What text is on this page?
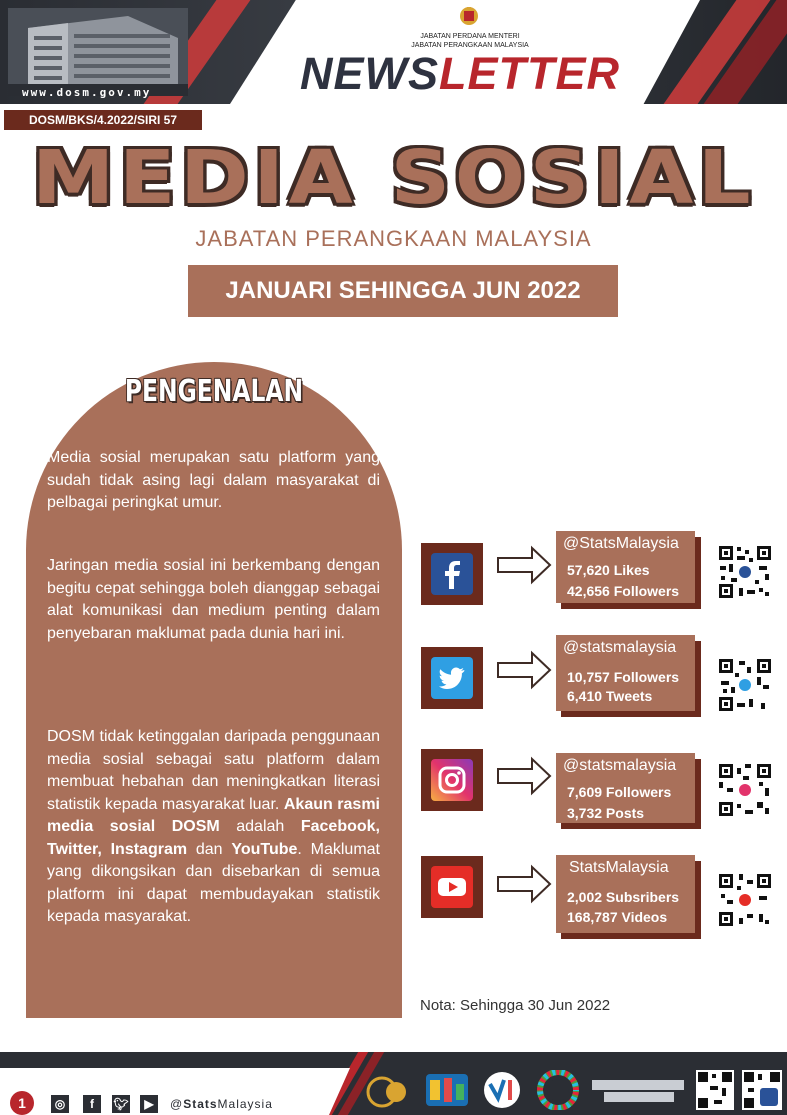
www.dosm.gov.my
JABATAN PERDANA MENTERI
JABATAN PERANGKAAN MALAYSIA
NEWSLETTER
DOSM/BKS/4.2022/SIRI 57
MEDIA SOSIAL
JABATAN PERANGKAAN MALAYSIA
JANUARI SEHINGGA JUN 2022
PENGENALAN
Media sosial merupakan satu platform yang sudah tidak asing lagi dalam masyarakat di pelbagai peringkat umur.
Jaringan media sosial ini berkembang dengan begitu cepat sehingga boleh dianggap sebagai alat komunikasi dan medium penting dalam penyebaran maklumat pada dunia hari ini.
DOSM tidak ketinggalan daripada penggunaan media sosial sebagai satu platform dalam membuat hebahan dan meningkatkan literasi statistik kepada masyarakat luar. Akaun rasmi media sosial DOSM adalah Facebook, Twitter, Instagram dan YouTube. Maklumat yang dikongsikan dan disebarkan di semua platform ini dapat membudayakan statistik kepada masyarakat.
@StatsMalaysia
57,620 Likes
42,656 Followers
@statsmalaysia
10,757 Followers
6,410 Tweets
@statsmalaysia
7,609 Followers
3,732 Posts
StatsMalaysia
2,002 Subsribers
168,787 Videos
Nota: Sehingga 30 Jun 2022
1	◎	f	🐦︎	▶	@StatsMalaysia
